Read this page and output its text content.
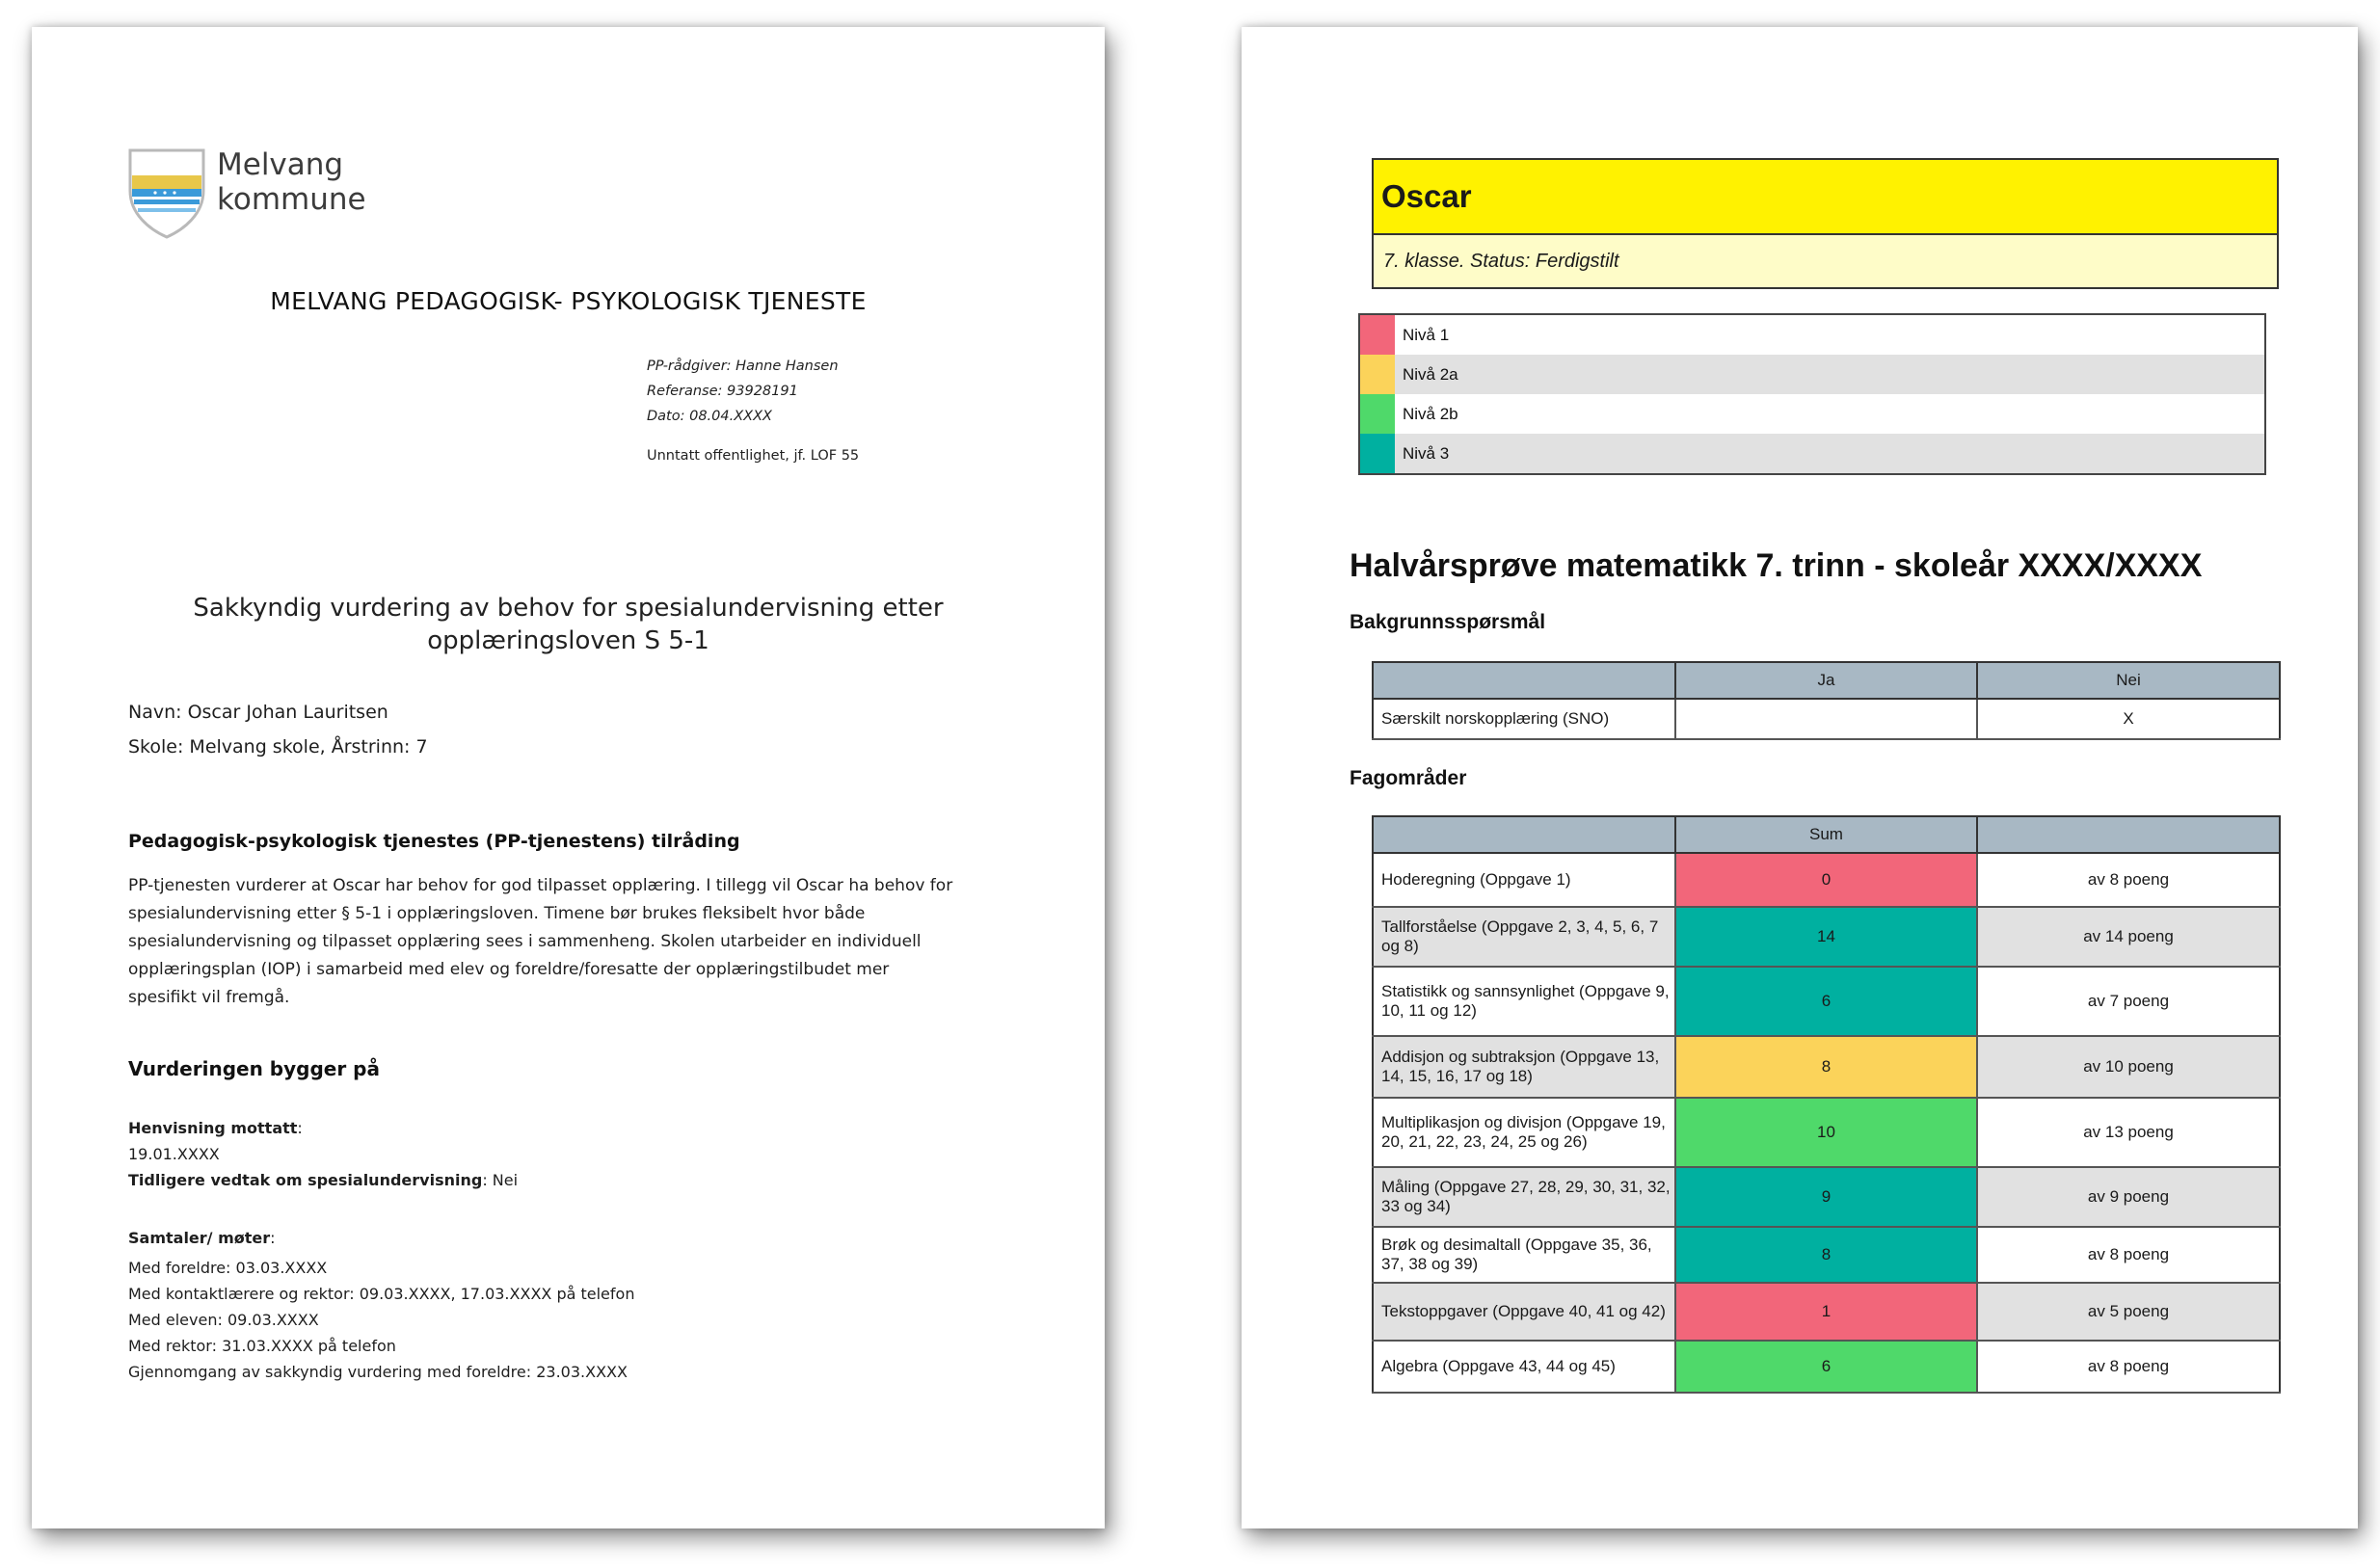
Melvang
kommune
MELVANG PEDAGOGISK- PSYKOLOGISK TJENESTE
PP-rådgiver: Hanne Hansen
Referanse: 93928191
Dato: 08.04.XXXX
Unntatt offentlighet, jf. LOF 55
Sakkyndig vurdering av behov for spesialundervisning etter
opplæringsloven S 5-1
Navn: Oscar Johan Lauritsen
Skole: Melvang skole, Årstrinn: 7
Pedagogisk-psykologisk tjenestes (PP-tjenestens) tilråding
PP-tjenesten vurderer at Oscar har behov for god tilpasset opplæring. I tillegg vil Oscar ha behov for
spesialundervisning etter § 5-1 i opplæringsloven. Timene bør brukes fleksibelt hvor både
spesialundervisning og tilpasset opplæring sees i sammenheng. Skolen utarbeider en individuell
opplæringsplan (IOP) i samarbeid med elev og foreldre/foresatte der opplæringstilbudet mer
spesifikt vil fremgå.
Vurderingen bygger på
Henvisning mottatt:
19.01.XXXX
Tidligere vedtak om spesialundervisning: Nei
Samtaler/ møter:
Med foreldre: 03.03.XXXX
Med kontaktlærere og rektor: 09.03.XXXX, 17.03.XXXX på telefon
Med eleven: 09.03.XXXX
Med rektor: 31.03.XXXX på telefon
Gjennomgang av sakkyndig vurdering med foreldre: 23.03.XXXX
Oscar
7. klasse. Status: Ferdigstilt
Nivå 1
Nivå 2a
Nivå 2b
Nivå 3
Halvårsprøve matematikk 7. trinn - skoleår XXXX/XXXX
Bakgrunnsspørsmål
	Ja	Nei
Særskilt norskopplæring (SNO)		X
Fagområder
	Sum	
Hoderegning (Oppgave 1)	0	av 8 poeng
Tallforståelse (Oppgave 2, 3, 4, 5, 6, 7 og 8)	14	av 14 poeng
Statistikk og sannsynlighet (Oppgave 9, 10, 11 og 12)	6	av 7 poeng
Addisjon og subtraksjon (Oppgave 13, 14, 15, 16, 17 og 18)	8	av 10 poeng
Multiplikasjon og divisjon (Oppgave 19, 20, 21, 22, 23, 24, 25 og 26)	10	av 13 poeng
Måling (Oppgave 27, 28, 29, 30, 31, 32, 33 og 34)	9	av 9 poeng
Brøk og desimaltall (Oppgave 35, 36, 37, 38 og 39)	8	av 8 poeng
Tekstoppgaver (Oppgave 40, 41 og 42)	1	av 5 poeng
Algebra (Oppgave 43, 44 og 45)	6	av 8 poeng
